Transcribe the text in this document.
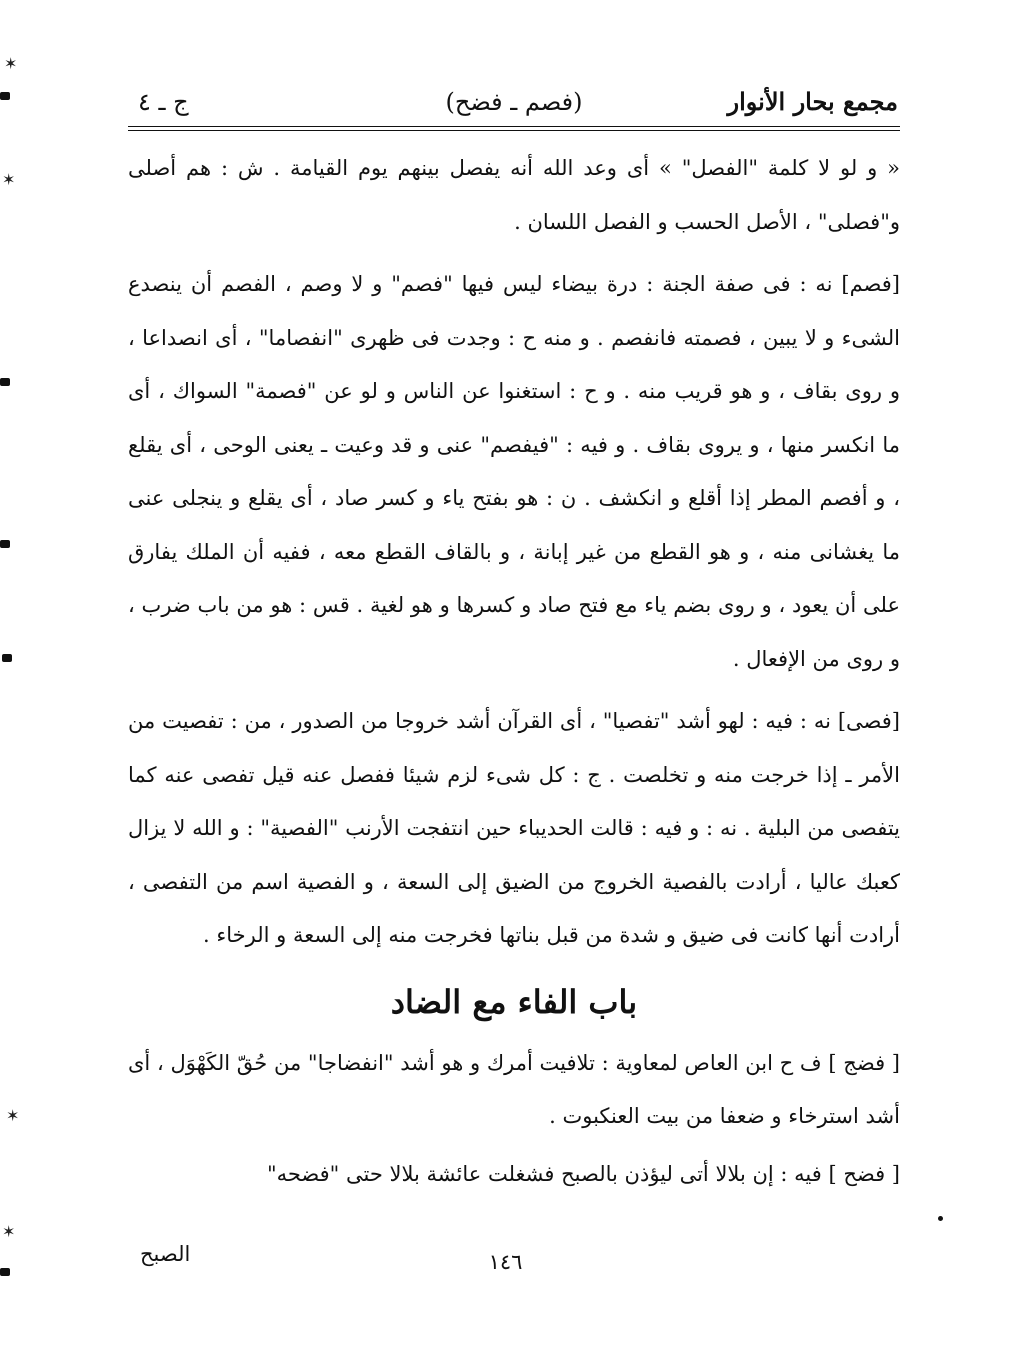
✶
✶
✶
✶
مجمع بحار الأنوار
(فصم ـ فضح)
ج ـ ٤

« و لو لا كلمة "الفصل" » أى وعد الله أنه يفصل بينهم يوم القيامة . ش : هم أصلى و"فصلى" ، الأصل الحسب و الفصل اللسان .

[فصم] نه : فى صفة الجنة : درة بيضاء ليس فيها "فصم" و لا وصم ، الفصم أن ينصدع الشىء و لا يبين ، فصمته فانفصم . و منه ح : وجدت فى ظهرى "انفصاما" ، أى انصداعا ، و روى بقاف ، و هو قريب منه . و ح : استغنوا عن الناس و لو عن "فصمة" السواك ، أى ما انكسر منها ، و يروى بقاف . و فيه : "فيفصم" عنى و قد وعيت ـ يعنى الوحى ، أى يقلع ، و أفصم المطر إذا أقلع و انكشف . ن : هو بفتح ياء و كسر صاد ، أى يقلع و ينجلى عنى ما يغشانى منه ، و هو القطع من غير إبانة ، و بالقاف القطع معه ، ففيه أن الملك يفارق على أن يعود ، و روى بضم ياء مع فتح صاد و كسرها و هو لغية . قس : هو من باب ضرب ، و روى من الإفعال .

[فصى] نه : فيه : لهو أشد "تفصيا" ، أى القرآن أشد خروجا من الصدور ، من : تفصيت من الأمر ـ إذا خرجت منه و تخلصت . ج : كل شىء لزم شيئا ففصل عنه قيل تفصى عنه كما يتفصى من البلية . نه : و فيه : قالت الحديباء حين انتفجت الأرنب "الفصية" : و الله لا يزال كعبك عاليا ، أرادت بالفصية الخروج من الضيق إلى السعة ، و الفصية اسم من التفصى ، أرادت أنها كانت فى ضيق و شدة من قبل بناتها فخرجت منه إلى السعة و الرخاء .

باب الفاء مع الضاد

[ فضج ] ف ح ابن العاص لمعاوية : تلافيت أمرك و هو أشد "انفضاجا" من حُقّ الكَهْوَل ، أى أشد استرخاء و ضعفا من بيت العنكبوت .

[ فضح ] فيه : إن بلالا أتى ليؤذن بالصبح فشغلت عائشة بلالا حتى "فضحه"

الصبح	١٤٦
